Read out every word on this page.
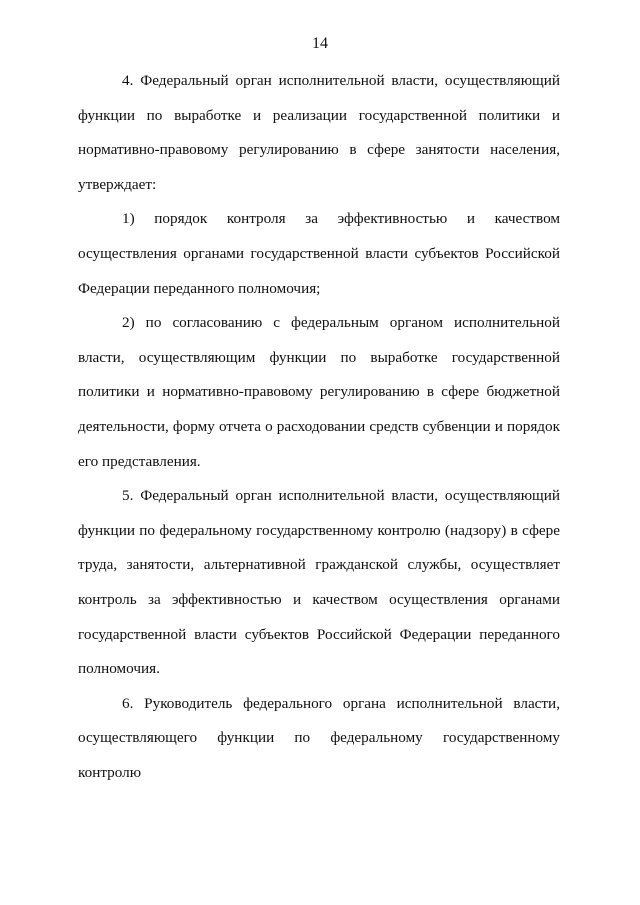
14

4. Федеральный орган исполнительной власти, осуществляющий функции по выработке и реализации государственной политики и нормативно-правовому регулированию в сфере занятости населения, утверждает:

1) порядок контроля за эффективностью и качеством осуществления органами государственной власти субъектов Российской Федерации переданного полномочия;

2) по согласованию с федеральным органом исполнительной власти, осуществляющим функции по выработке государственной политики и нормативно-правовому регулированию в сфере бюджетной деятельности, форму отчета о расходовании средств субвенции и порядок его представления.

5. Федеральный орган исполнительной власти, осуществляющий функции по федеральному государственному контролю (надзору) в сфере труда, занятости, альтернативной гражданской службы, осуществляет контроль за эффективностью и качеством осуществления органами государственной власти субъектов Российской Федерации переданного полномочия.

6. Руководитель федерального органа исполнительной власти, осуществляющего функции по федеральному государственному контролю
